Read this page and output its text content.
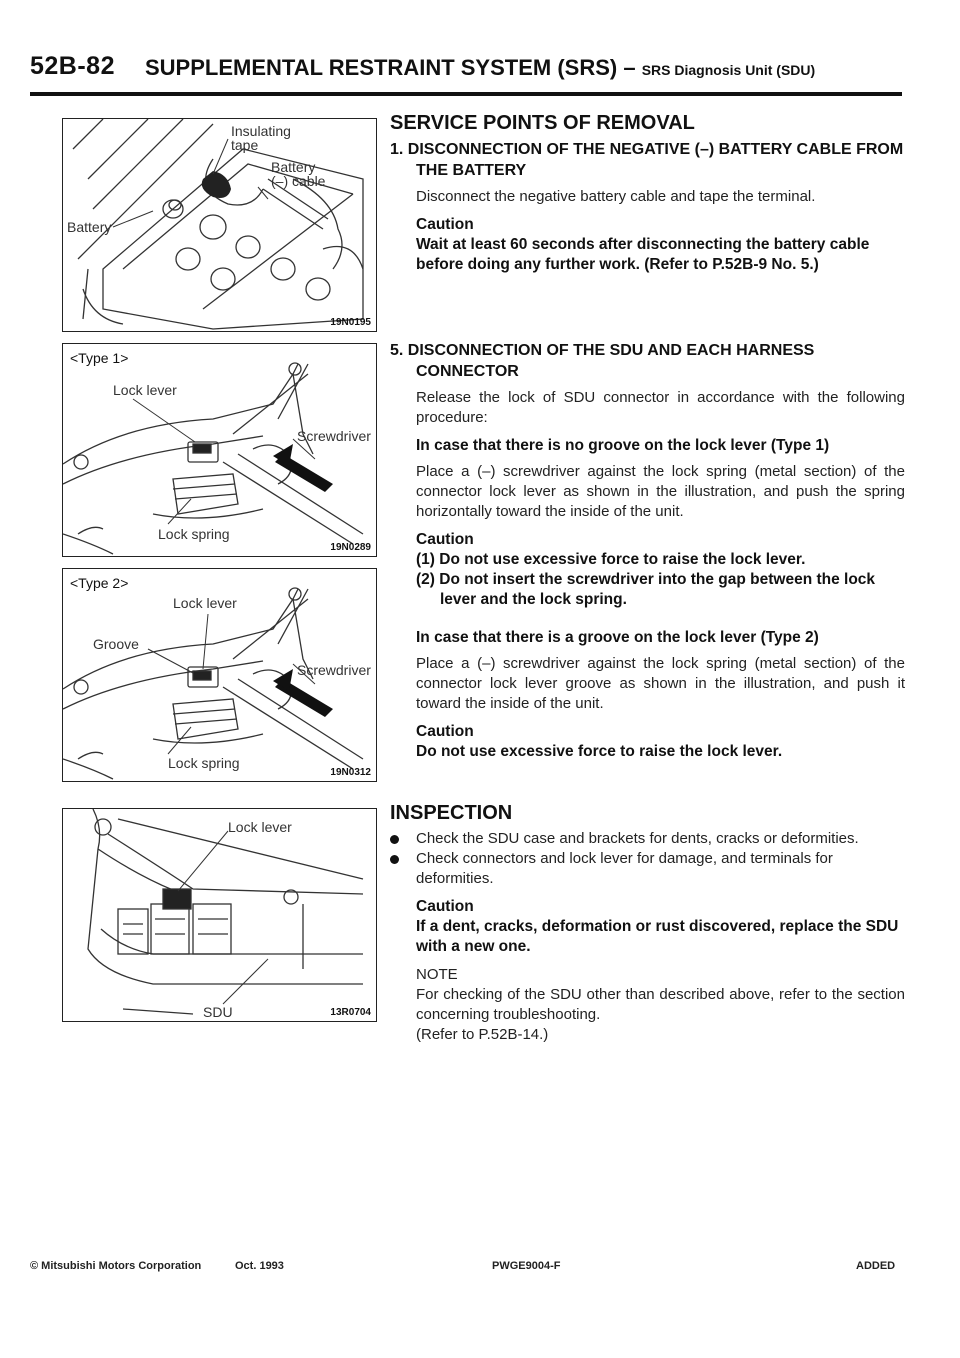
52B-82 SUPPLEMENTAL RESTRAINT SYSTEM (SRS) – SRS Diagnosis Unit (SDU)
Insulating
tape
Battery
(–) cable
Battery
19N0195
<Type 1>
Lock lever
Screwdriver
Lock spring
19N0289
<Type 2>
Lock lever
Groove
Screwdriver
Lock spring
19N0312
Lock lever
SDU	13R0704
SERVICE POINTS OF REMOVAL
1. DISCONNECTION OF THE NEGATIVE (–) BATTERY CABLE FROM THE BATTERY
Disconnect the negative battery cable and tape the terminal.
Caution
Wait at least 60 seconds after disconnecting the battery cable before doing any further work. (Refer to P.52B-9 No. 5.)
5. DISCONNECTION OF THE SDU AND EACH HARNESS CONNECTOR
Release the lock of SDU connector in accordance with the following procedure:
In case that there is no groove on the lock lever (Type 1)
Place a (–) screwdriver against the lock spring (metal section) of the connector lock lever as shown in the illustration, and push the spring horizontally toward the inside of the unit.
Caution
(1) Do not use excessive force to raise the lock lever.
(2) Do not insert the screwdriver into the gap between the lock lever and the lock spring.
In case that there is a groove on the lock lever (Type 2)
Place a (–) screwdriver against the lock spring (metal section) of the connector lock lever groove as shown in the illustration, and push it toward the inside of the unit.
Caution
Do not use excessive force to raise the lock lever.
INSPECTION
Check the SDU case and brackets for dents, cracks or deformities.
Check connectors and lock lever for damage, and terminals for deformities.
Caution
If a dent, cracks, deformation or rust discovered, replace the SDU with a new one.
NOTE
For checking of the SDU other than described above, refer to the section concerning troubleshooting.
(Refer to P.52B-14.)
© Mitsubishi Motors Corporation	Oct. 1993	PWGE9004-F	ADDED
